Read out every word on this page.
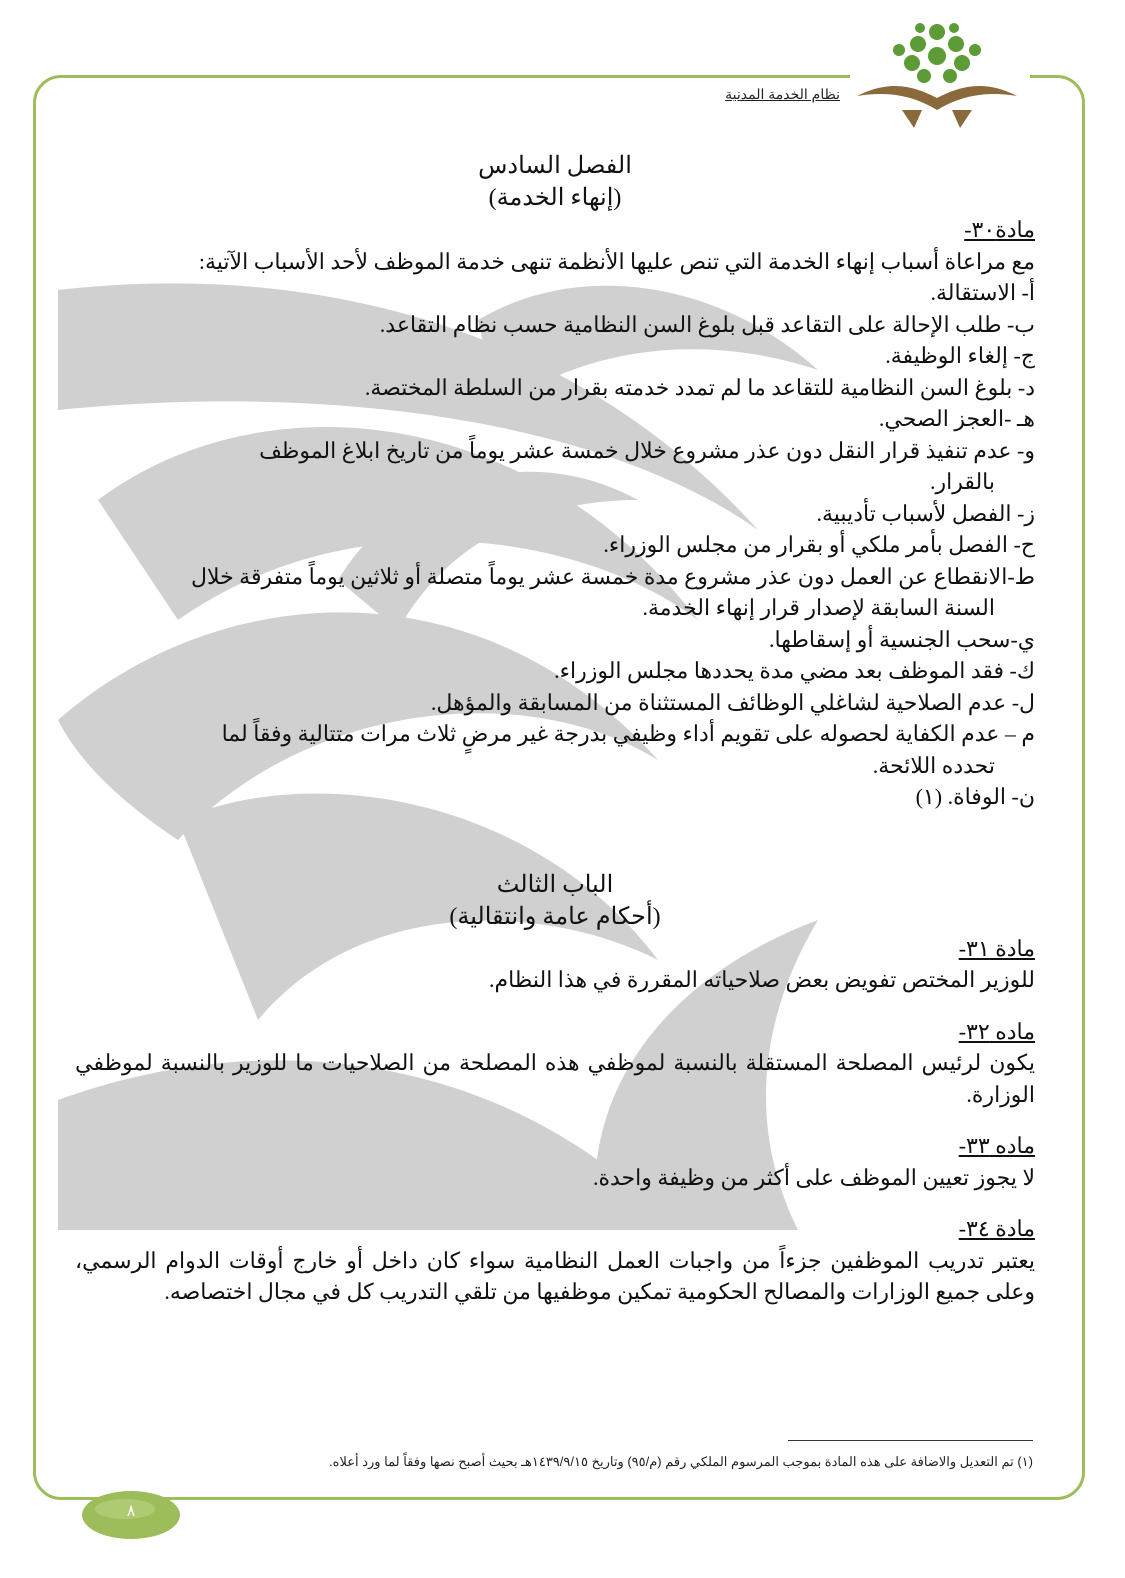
نظام الخدمة المدنية
الفصل السادس
(إنهاء الخدمة)
مادة٣٠-
مع مراعاة أسباب إنهاء الخدمة التي تنص عليها الأنظمة تنهى خدمة الموظف لأحد الأسباب الآتية:
أ- الاستقالة.
ب- طلب الإحالة على التقاعد قبل بلوغ السن النظامية حسب نظام التقاعد.
ج- إلغاء الوظيفة.
د- بلوغ السن النظامية للتقاعد ما لم تمدد خدمته بقرار من السلطة المختصة.
هـ -العجز الصحي.
و- عدم تنفيذ قرار النقل دون عذر مشروع خلال خمسة عشر يوماً من تاريخ ابلاغ الموظف
بالقرار.
ز- الفصل لأسباب تأديبية.
ح- الفصل بأمر ملكي أو بقرار من مجلس الوزراء.
ط-الانقطاع عن العمل دون عذر مشروع مدة خمسة عشر يوماً متصلة أو ثلاثين يوماً متفرقة خلال
السنة السابقة لإصدار قرار إنهاء الخدمة.
ي-سحب الجنسية أو إسقاطها.
ك- فقد الموظف بعد مضي مدة يحددها مجلس الوزراء.
ل- عدم الصلاحية لشاغلي الوظائف المستثناة من المسابقة والمؤهل.
م – عدم الكفاية لحصوله على تقويم أداء وظيفي بدرجة غير مرضٍ ثلاث مرات متتالية وفقاً لما
تحدده اللائحة.
ن- الوفاة. (١)
الباب الثالث
(أحكام عامة وانتقالية)
مادة ٣١-
للوزير المختص تفويض بعض صلاحياته المقررة في هذا النظام.
ماده ٣٢-
يكون لرئيس المصلحة المستقلة بالنسبة لموظفي هذه المصلحة من الصلاحيات ما للوزير بالنسبة لموظفي الوزارة.
ماده ٣٣-
لا يجوز تعيين الموظف على أكثر من وظيفة واحدة.
مادة ٣٤-
يعتبر تدريب الموظفين جزءاً من واجبات العمل النظامية سواء كان داخل أو خارج أوقات الدوام الرسمي، وعلى جميع الوزارات والمصالح الحكومية تمكين موظفيها من تلقي التدريب كل في مجال اختصاصه.
(١) تم التعديل والاضافة على هذه المادة بموجب المرسوم الملكي رقم (م/٩٥) وتاريخ ١٤٣٩/٩/١٥هـ بحيث أصبح نصها وفقاً لما ورد أعلاه.
٨
